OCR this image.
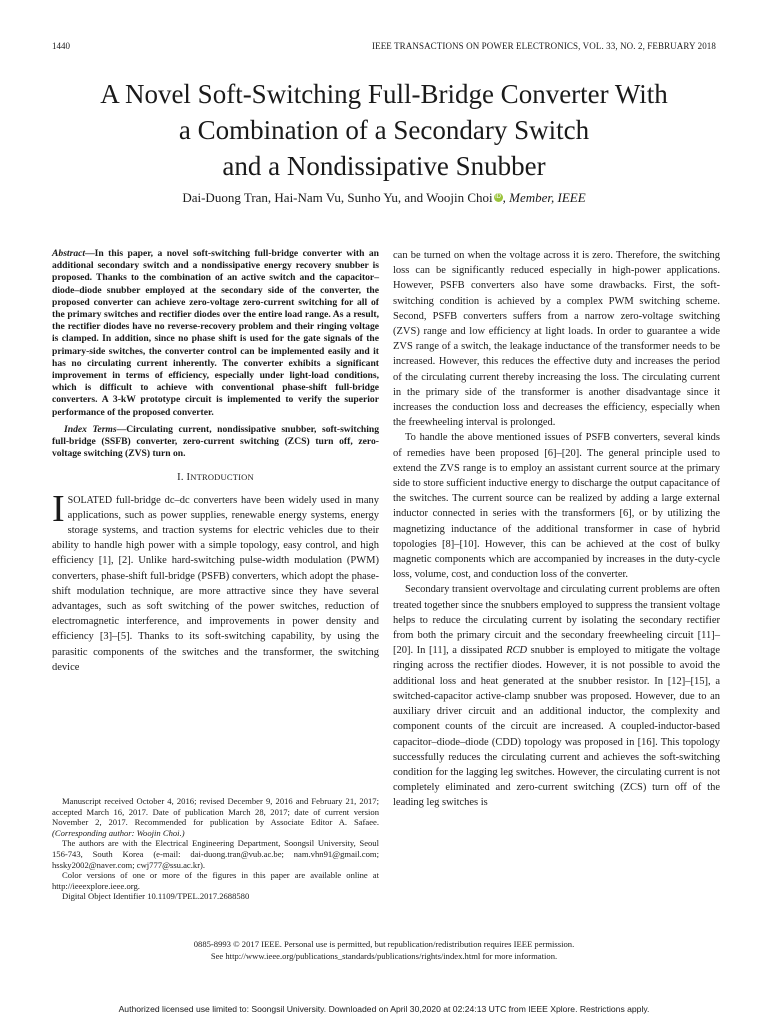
1440	IEEE TRANSACTIONS ON POWER ELECTRONICS, VOL. 33, NO. 2, FEBRUARY 2018
A Novel Soft-Switching Full-Bridge Converter With
a Combination of a Secondary Switch
and a Nondissipative Snubber
Dai-Duong Tran, Hai-Nam Vu, Sunho Yu, and Woojin Choi iD , Member, IEEE

Abstract—In this paper, a novel soft-switching full-bridge converter with an additional secondary switch and a nondissipative energy recovery snubber is proposed. Thanks to the combination of an active switch and the capacitor–diode–diode snubber employed at the secondary side of the converter, the proposed converter can achieve zero-voltage zero-current switching for all of the primary switches and rectifier diodes over the entire load range. As a result, the rectifier diodes have no reverse-recovery problem and their ringing voltage is clamped. In addition, since no phase shift is used for the gate signals of the primary-side switches, the converter control can be implemented easily and it has no circulating current inherently. The converter exhibits a significant improvement in terms of efficiency, especially under light-load conditions, which is difficult to achieve with conventional phase-shift full-bridge converters. A 3-kW prototype circuit is implemented to verify the superior performance of the proposed converter.

Index Terms—Circulating current, nondissipative snubber, soft-switching full-bridge (SSFB) converter, zero-current switching (ZCS) turn off, zero-voltage switching (ZVS) turn on.

I. INTRODUCTION

ISOLATED full-bridge dc–dc converters have been widely used in many applications, such as power supplies, renewable energy systems, energy storage systems, and traction systems for electric vehicles due to their ability to handle high power with a simple topology, easy control, and high efficiency [1], [2]. Unlike hard-switching pulse-width modulation (PWM) converters, phase-shift full-bridge (PSFB) converters, which adopt the phase-shift modulation technique, are more attractive since they have several advantages, such as soft switching of the power switches, reduction of electromagnetic interference, and improvements in power density and efficiency [3]–[5]. Thanks to its soft-switching capability, by using the parasitic components of the switches and the transformer, the switching device

Manuscript received October 4, 2016; revised December 9, 2016 and February 21, 2017; accepted March 16, 2017. Date of publication March 28, 2017; date of current version November 2, 2017. Recommended for publication by Associate Editor A. Safaee. (Corresponding author: Woojin Choi.)

The authors are with the Electrical Engineering Department, Soongsil University, Seoul 156-743, South Korea (e-mail: dai-duong.tran@vub.ac.be; nam.vhn91@gmail.com; hssky2002@naver.com; cwj777@ssu.ac.kr).

Color versions of one or more of the figures in this paper are available online at http://ieeexplore.ieee.org.

Digital Object Identifier 10.1109/TPEL.2017.2688580

can be turned on when the voltage across it is zero. Therefore, the switching loss can be significantly reduced especially in high-power applications. However, PSFB converters also have some drawbacks. First, the soft-switching condition is achieved by a complex PWM switching scheme. Second, PSFB converters suffers from a narrow zero-voltage switching (ZVS) range and low efficiency at light loads. In order to guarantee a wide ZVS range of a switch, the leakage inductance of the transformer needs to be increased. However, this reduces the effective duty and increases the period of the circulating current thereby increasing the loss. The circulating current in the primary side of the transformer is another disadvantage since it increases the conduction loss and decreases the efficiency, especially when the freewheeling interval is prolonged.

To handle the above mentioned issues of PSFB converters, several kinds of remedies have been proposed [6]–[20]. The general principle used to extend the ZVS range is to employ an assistant current source at the primary side to store sufficient inductive energy to discharge the output capacitance of the switches. The current source can be realized by adding a large external inductor connected in series with the transformers [6], or by utilizing the magnetizing inductance of the additional transformer in case of hybrid topologies [8]–[10]. However, this can be achieved at the cost of bulky magnetic components which are accompanied by increases in the duty-cycle loss, volume, cost, and conduction loss of the converter.

Secondary transient overvoltage and circulating current problems are often treated together since the snubbers employed to suppress the transient voltage helps to reduce the circulating current by isolating the secondary rectifier from both the primary circuit and the secondary freewheeling circuit [11]–[20]. In [11], a dissipated RCD snubber is employed to mitigate the voltage ringing across the rectifier diodes. However, it is not possible to avoid the additional loss and heat generated at the snubber resistor. In [12]–[15], a switched-capacitor active-clamp snubber was proposed. However, due to an auxiliary driver circuit and an additional inductor, the complexity and component counts of the circuit are increased. A coupled-inductor-based capacitor–diode–diode (CDD) topology was proposed in [16]. This topology successfully reduces the circulating current and achieves the soft-switching condition for the lagging leg switches. However, the circulating current is not completely eliminated and zero-current switching (ZCS) turn off of the leading leg switches is

0885-8993 © 2017 IEEE. Personal use is permitted, but republication/redistribution requires IEEE permission.
See http://www.ieee.org/publications_standards/publications/rights/index.html for more information.
Authorized licensed use limited to: Soongsil University. Downloaded on April 30,2020 at 02:24:13 UTC from IEEE Xplore. Restrictions apply.
